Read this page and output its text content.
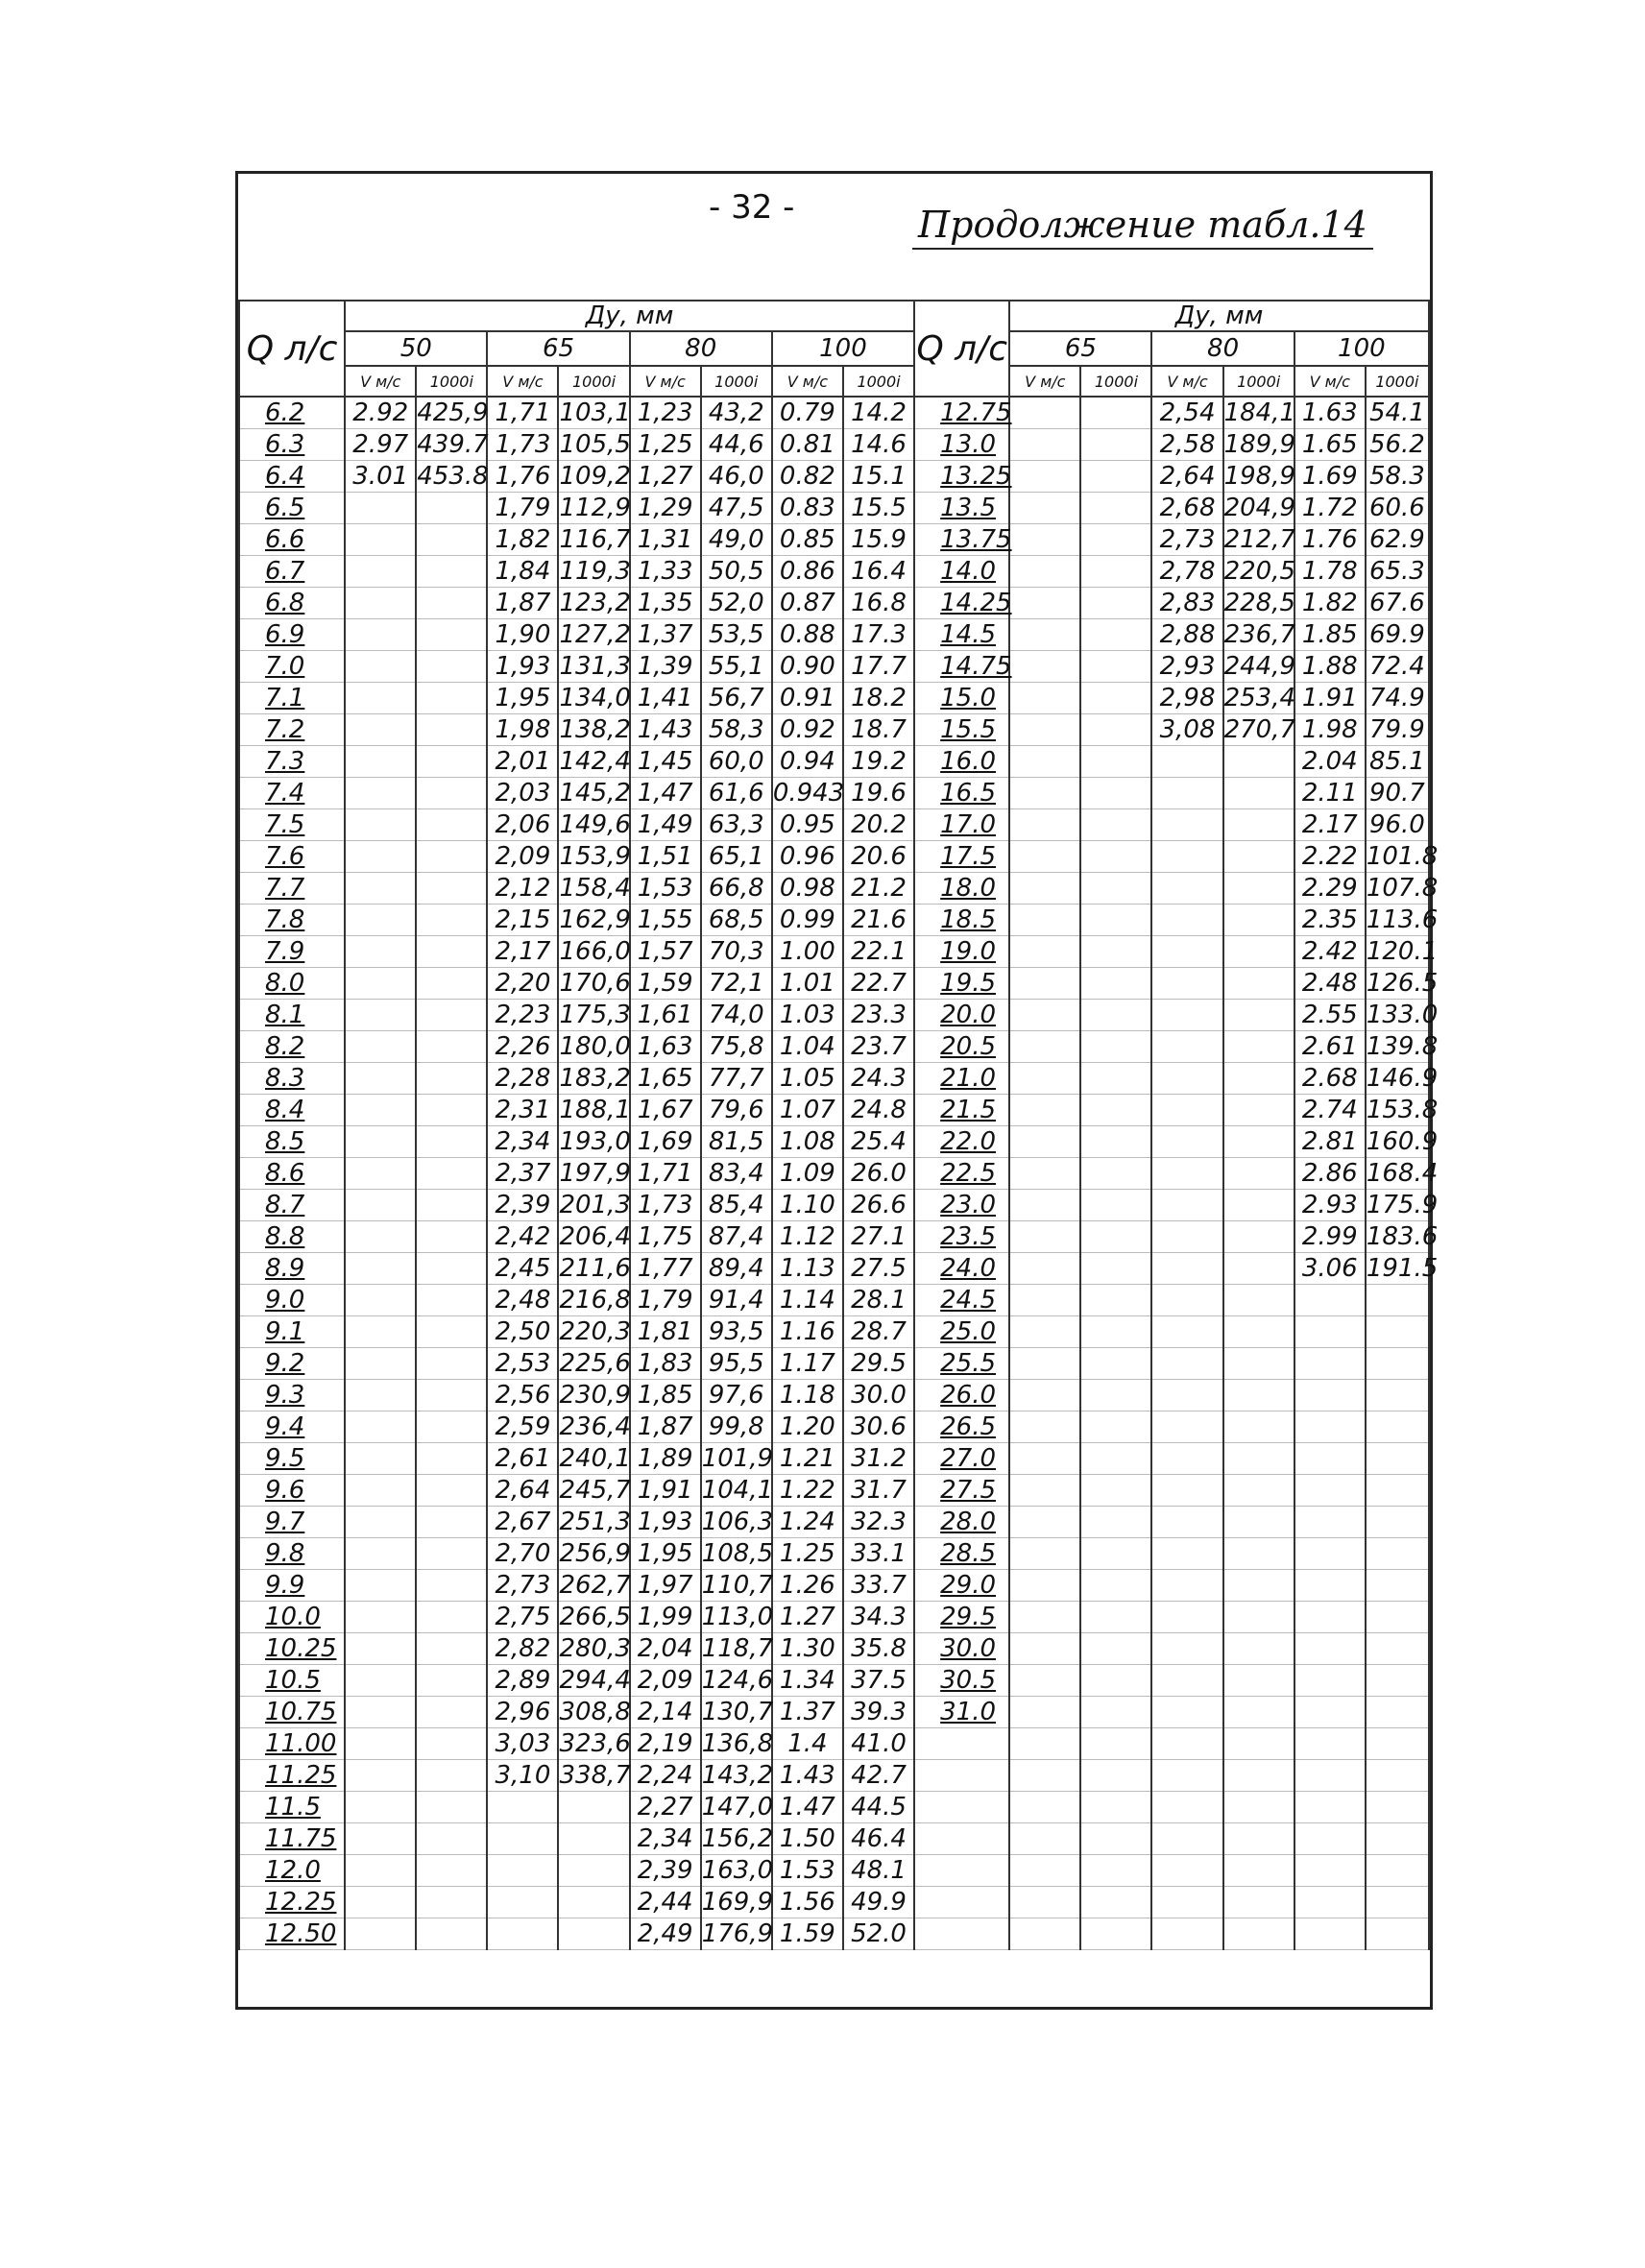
- 32 -	Продолжение табл.14
Q л/с	Ду, мм								Q л/с	Ду, мм					
	50		65		80		100			65		80		100	
	V м/с	1000i	V м/с	1000i	V м/с	1000i	V м/с	1000i		V м/с	1000i	V м/с	1000i	V м/с	1000i
6.2	2.92	425,9	1,71	103,1	1,23	43,2	0.79	14.2	12.75			2,54	184,1	1.63	54.1
6.3	2.97	439.7	1,73	105,5	1,25	44,6	0.81	14.6	13.0			2,58	189,9	1.65	56.2
6.4	3.01	453.8	1,76	109,2	1,27	46,0	0.82	15.1	13.25			2,64	198,9	1.69	58.3
6.5			1,79	112,9	1,29	47,5	0.83	15.5	13.5			2,68	204,9	1.72	60.6
6.6			1,82	116,7	1,31	49,0	0.85	15.9	13.75			2,73	212,7	1.76	62.9
6.7			1,84	119,3	1,33	50,5	0.86	16.4	14.0			2,78	220,5	1.78	65.3
6.8			1,87	123,2	1,35	52,0	0.87	16.8	14.25			2,83	228,5	1.82	67.6
6.9			1,90	127,2	1,37	53,5	0.88	17.3	14.5			2,88	236,7	1.85	69.9
7.0			1,93	131,3	1,39	55,1	0.90	17.7	14.75			2,93	244,9	1.88	72.4
7.1			1,95	134,0	1,41	56,7	0.91	18.2	15.0			2,98	253,4	1.91	74.9
7.2			1,98	138,2	1,43	58,3	0.92	18.7	15.5			3,08	270,7	1.98	79.9
7.3			2,01	142,4	1,45	60,0	0.94	19.2	16.0					2.04	85.1
7.4			2,03	145,2	1,47	61,6	0.943	19.6	16.5					2.11	90.7
7.5			2,06	149,6	1,49	63,3	0.95	20.2	17.0					2.17	96.0
7.6			2,09	153,9	1,51	65,1	0.96	20.6	17.5					2.22	101.8
7.7			2,12	158,4	1,53	66,8	0.98	21.2	18.0					2.29	107.8
7.8			2,15	162,9	1,55	68,5	0.99	21.6	18.5					2.35	113.6
7.9			2,17	166,0	1,57	70,3	1.00	22.1	19.0					2.42	120.1
8.0			2,20	170,6	1,59	72,1	1.01	22.7	19.5					2.48	126.5
8.1			2,23	175,3	1,61	74,0	1.03	23.3	20.0					2.55	133.0
8.2			2,26	180,0	1,63	75,8	1.04	23.7	20.5					2.61	139.8
8.3			2,28	183,2	1,65	77,7	1.05	24.3	21.0					2.68	146.9
8.4			2,31	188,1	1,67	79,6	1.07	24.8	21.5					2.74	153.8
8.5			2,34	193,0	1,69	81,5	1.08	25.4	22.0					2.81	160.9
8.6			2,37	197,9	1,71	83,4	1.09	26.0	22.5					2.86	168.4
8.7			2,39	201,3	1,73	85,4	1.10	26.6	23.0					2.93	175.9
8.8			2,42	206,4	1,75	87,4	1.12	27.1	23.5					2.99	183.6
8.9			2,45	211,6	1,77	89,4	1.13	27.5	24.0					3.06	191.5
9.0			2,48	216,8	1,79	91,4	1.14	28.1	24.5						
9.1			2,50	220,3	1,81	93,5	1.16	28.7	25.0						
9.2			2,53	225,6	1,83	95,5	1.17	29.5	25.5						
9.3			2,56	230,9	1,85	97,6	1.18	30.0	26.0						
9.4			2,59	236,4	1,87	99,8	1.20	30.6	26.5						
9.5			2,61	240,1	1,89	101,9	1.21	31.2	27.0						
9.6			2,64	245,7	1,91	104,1	1.22	31.7	27.5						
9.7			2,67	251,3	1,93	106,3	1.24	32.3	28.0						
9.8			2,70	256,9	1,95	108,5	1.25	33.1	28.5						
9.9			2,73	262,7	1,97	110,7	1.26	33.7	29.0						
10.0			2,75	266,5	1,99	113,0	1.27	34.3	29.5						
10.25			2,82	280,3	2,04	118,7	1.30	35.8	30.0						
10.5			2,89	294,4	2,09	124,6	1.34	37.5	30.5						
10.75			2,96	308,8	2,14	130,7	1.37	39.3	31.0						
11.00			3,03	323,6	2,19	136,8	1.4	41.0							
11.25			3,10	338,7	2,24	143,2	1.43	42.7							
11.5					2,27	147,0	1.47	44.5							
11.75					2,34	156,2	1.50	46.4							
12.0					2,39	163,0	1.53	48.1							
12.25					2,44	169,9	1.56	49.9							
12.50					2,49	176,9	1.59	52.0							
